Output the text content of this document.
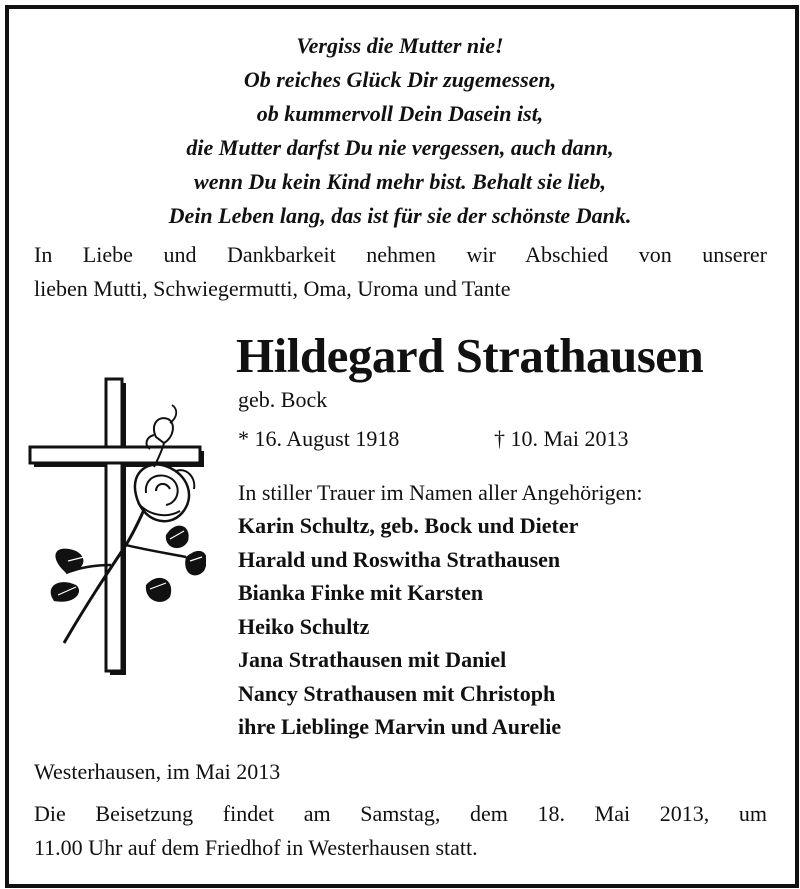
Vergiss die Mutter nie!
Ob reiches Glück Dir zugemessen,
ob kummervoll Dein Dasein ist,
die Mutter darfst Du nie vergessen, auch dann,
wenn Du kein Kind mehr bist. Behalt sie lieb,
Dein Leben lang, das ist für sie der schönste Dank.
In Liebe und Dankbarkeit nehmen wir Abschied von unserer
lieben Mutti, Schwiegermutti, Oma, Uroma und Tante
Hildegard Strathausen
geb. Bock
* 16. August 1918	† 10. Mai 2013
In stiller Trauer im Namen aller Angehörigen:
Karin Schultz, geb. Bock und Dieter
Harald und Roswitha Strathausen
Bianka Finke mit Karsten
Heiko Schultz
Jana Strathausen mit Daniel
Nancy Strathausen mit Christoph
ihre Lieblinge Marvin und Aurelie
Westerhausen, im Mai 2013
Die Beisetzung findet am Samstag, dem 18. Mai 2013, um
11.00 Uhr auf dem Friedhof in Westerhausen statt.
